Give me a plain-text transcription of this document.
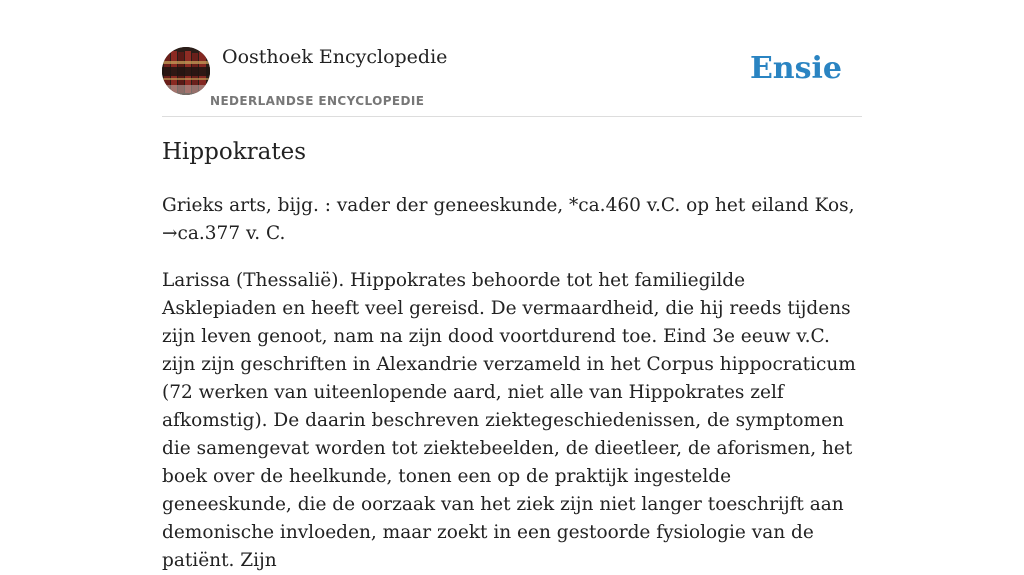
Oosthoek Encyclopedie
NEDERLANDSE ENCYCLOPEDIE
Ensie
Hippokrates

Grieks arts, bijg. : vader der geneeskunde, *ca.460 v.C. op het eiland Kos, →ca.377 v. C.

Larissa (Thessalië). Hippokrates behoorde tot het familiegilde Asklepiaden en heeft veel gereisd. De vermaardheid, die hij reeds tijdens zijn leven genoot, nam na zijn dood voortdurend toe. Eind 3e eeuw v.C. zijn zijn geschriften in Alexandrie verzameld in het Corpus hippocraticum (72 werken van uiteenlopende aard, niet alle van Hippokrates zelf afkomstig). De daarin beschreven ziektegeschiedenissen, de symptomen die samengevat worden tot ziektebeelden, de dieetleer, de aforismen, het boek over de heelkunde, tonen een op de praktijk ingestelde geneeskunde, die de oorzaak van het ziek zijn niet langer toeschrijft aan demonische invloeden, maar zoekt in een gestoorde fysiologie van de patiënt. Zijn
